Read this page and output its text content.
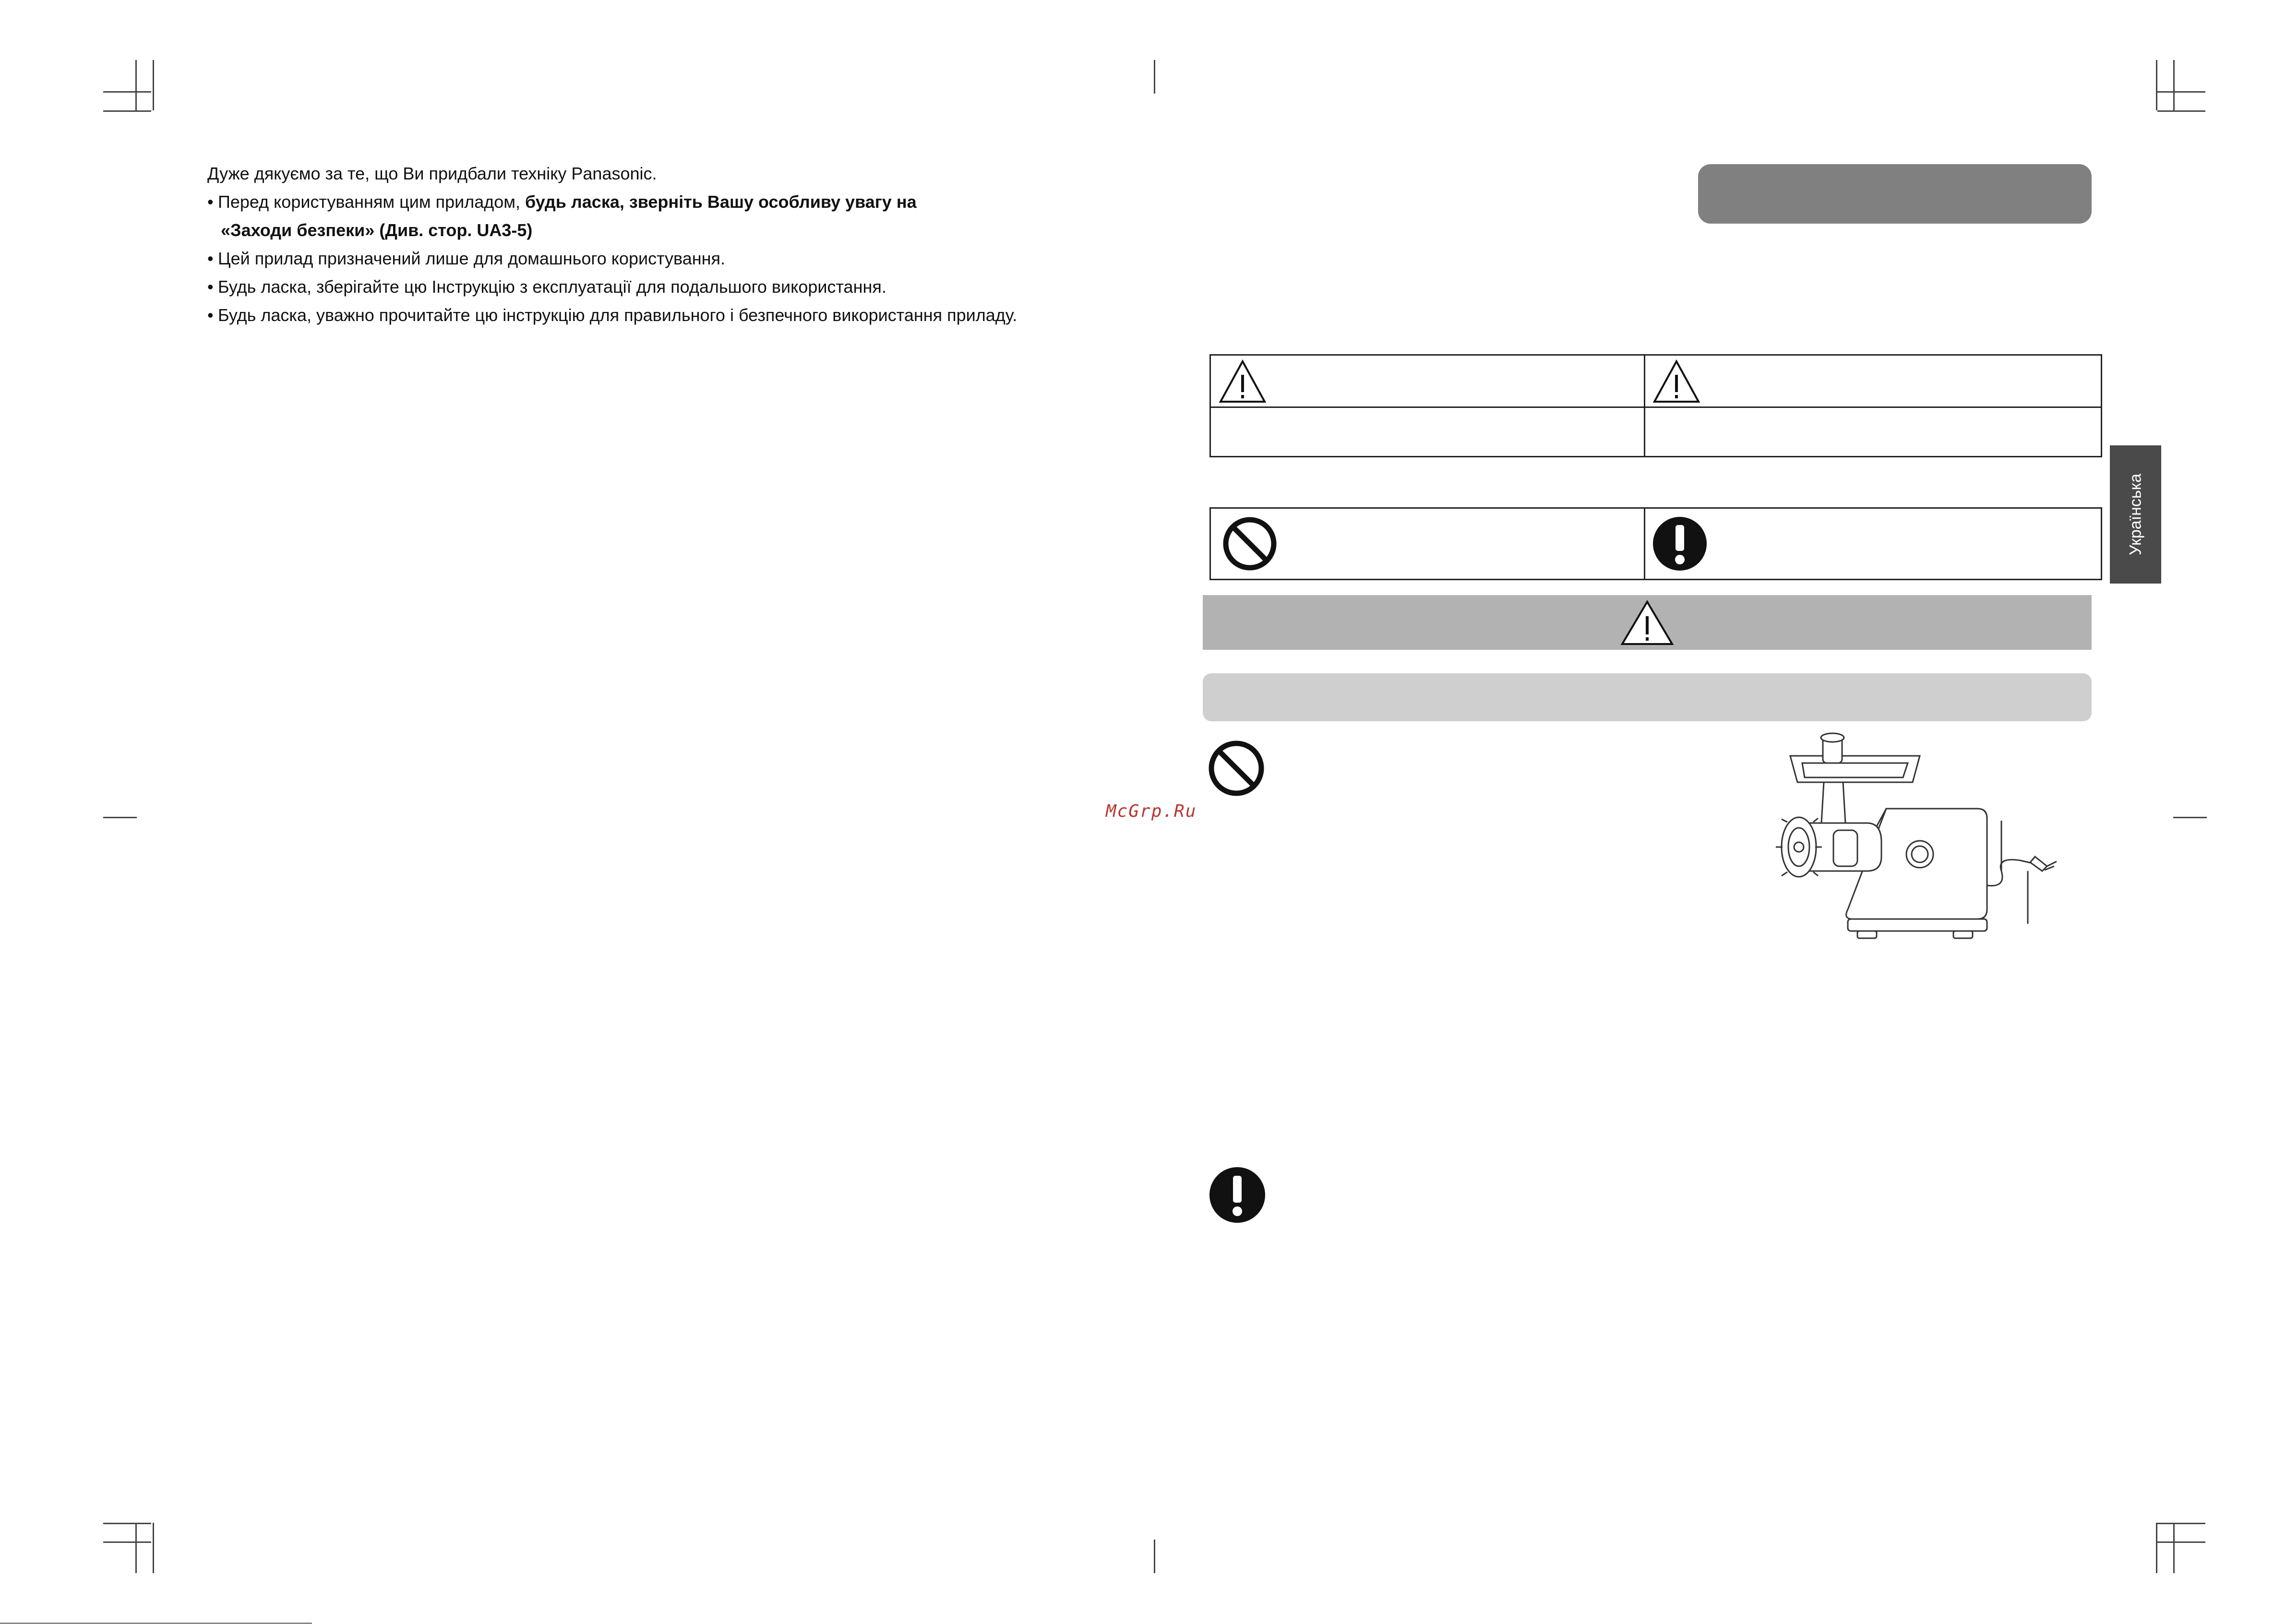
Дуже дякуємо за те, що Ви придбали техніку Panasonic.
• Перед користуванням цим приладом, будь ласка, зверніть Вашу особливу увагу на
«Заходи безпеки» (Див. стор. UA3-5)
• Цей прилад призначений лише для домашнього користування.
• Будь ласка, зберігайте цю Інструкцію з експлуатації для подальшого використання.
• Будь ласка, уважно прочитайте цю інструкцію для правильного і безпечного використання приладу.
McGrp.Ru
Українська
